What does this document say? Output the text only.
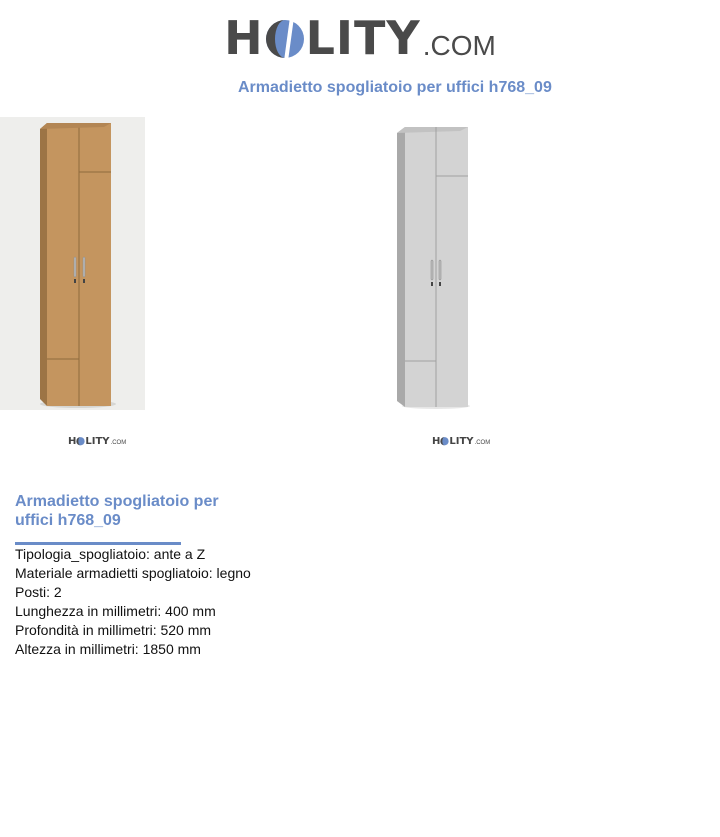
H LITY .COM
Armadietto spogliatoio per uffici h768_09
H LITY .COM	H LITY .COM
Armadietto spogliatoio per uffici h768_09
Tipologia_spogliatoio: ante a Z
Materiale armadietti spogliatoio: legno
Posti: 2
Lunghezza in millimetri: 400 mm
Profondità in millimetri: 520 mm
Altezza in millimetri: 1850 mm
